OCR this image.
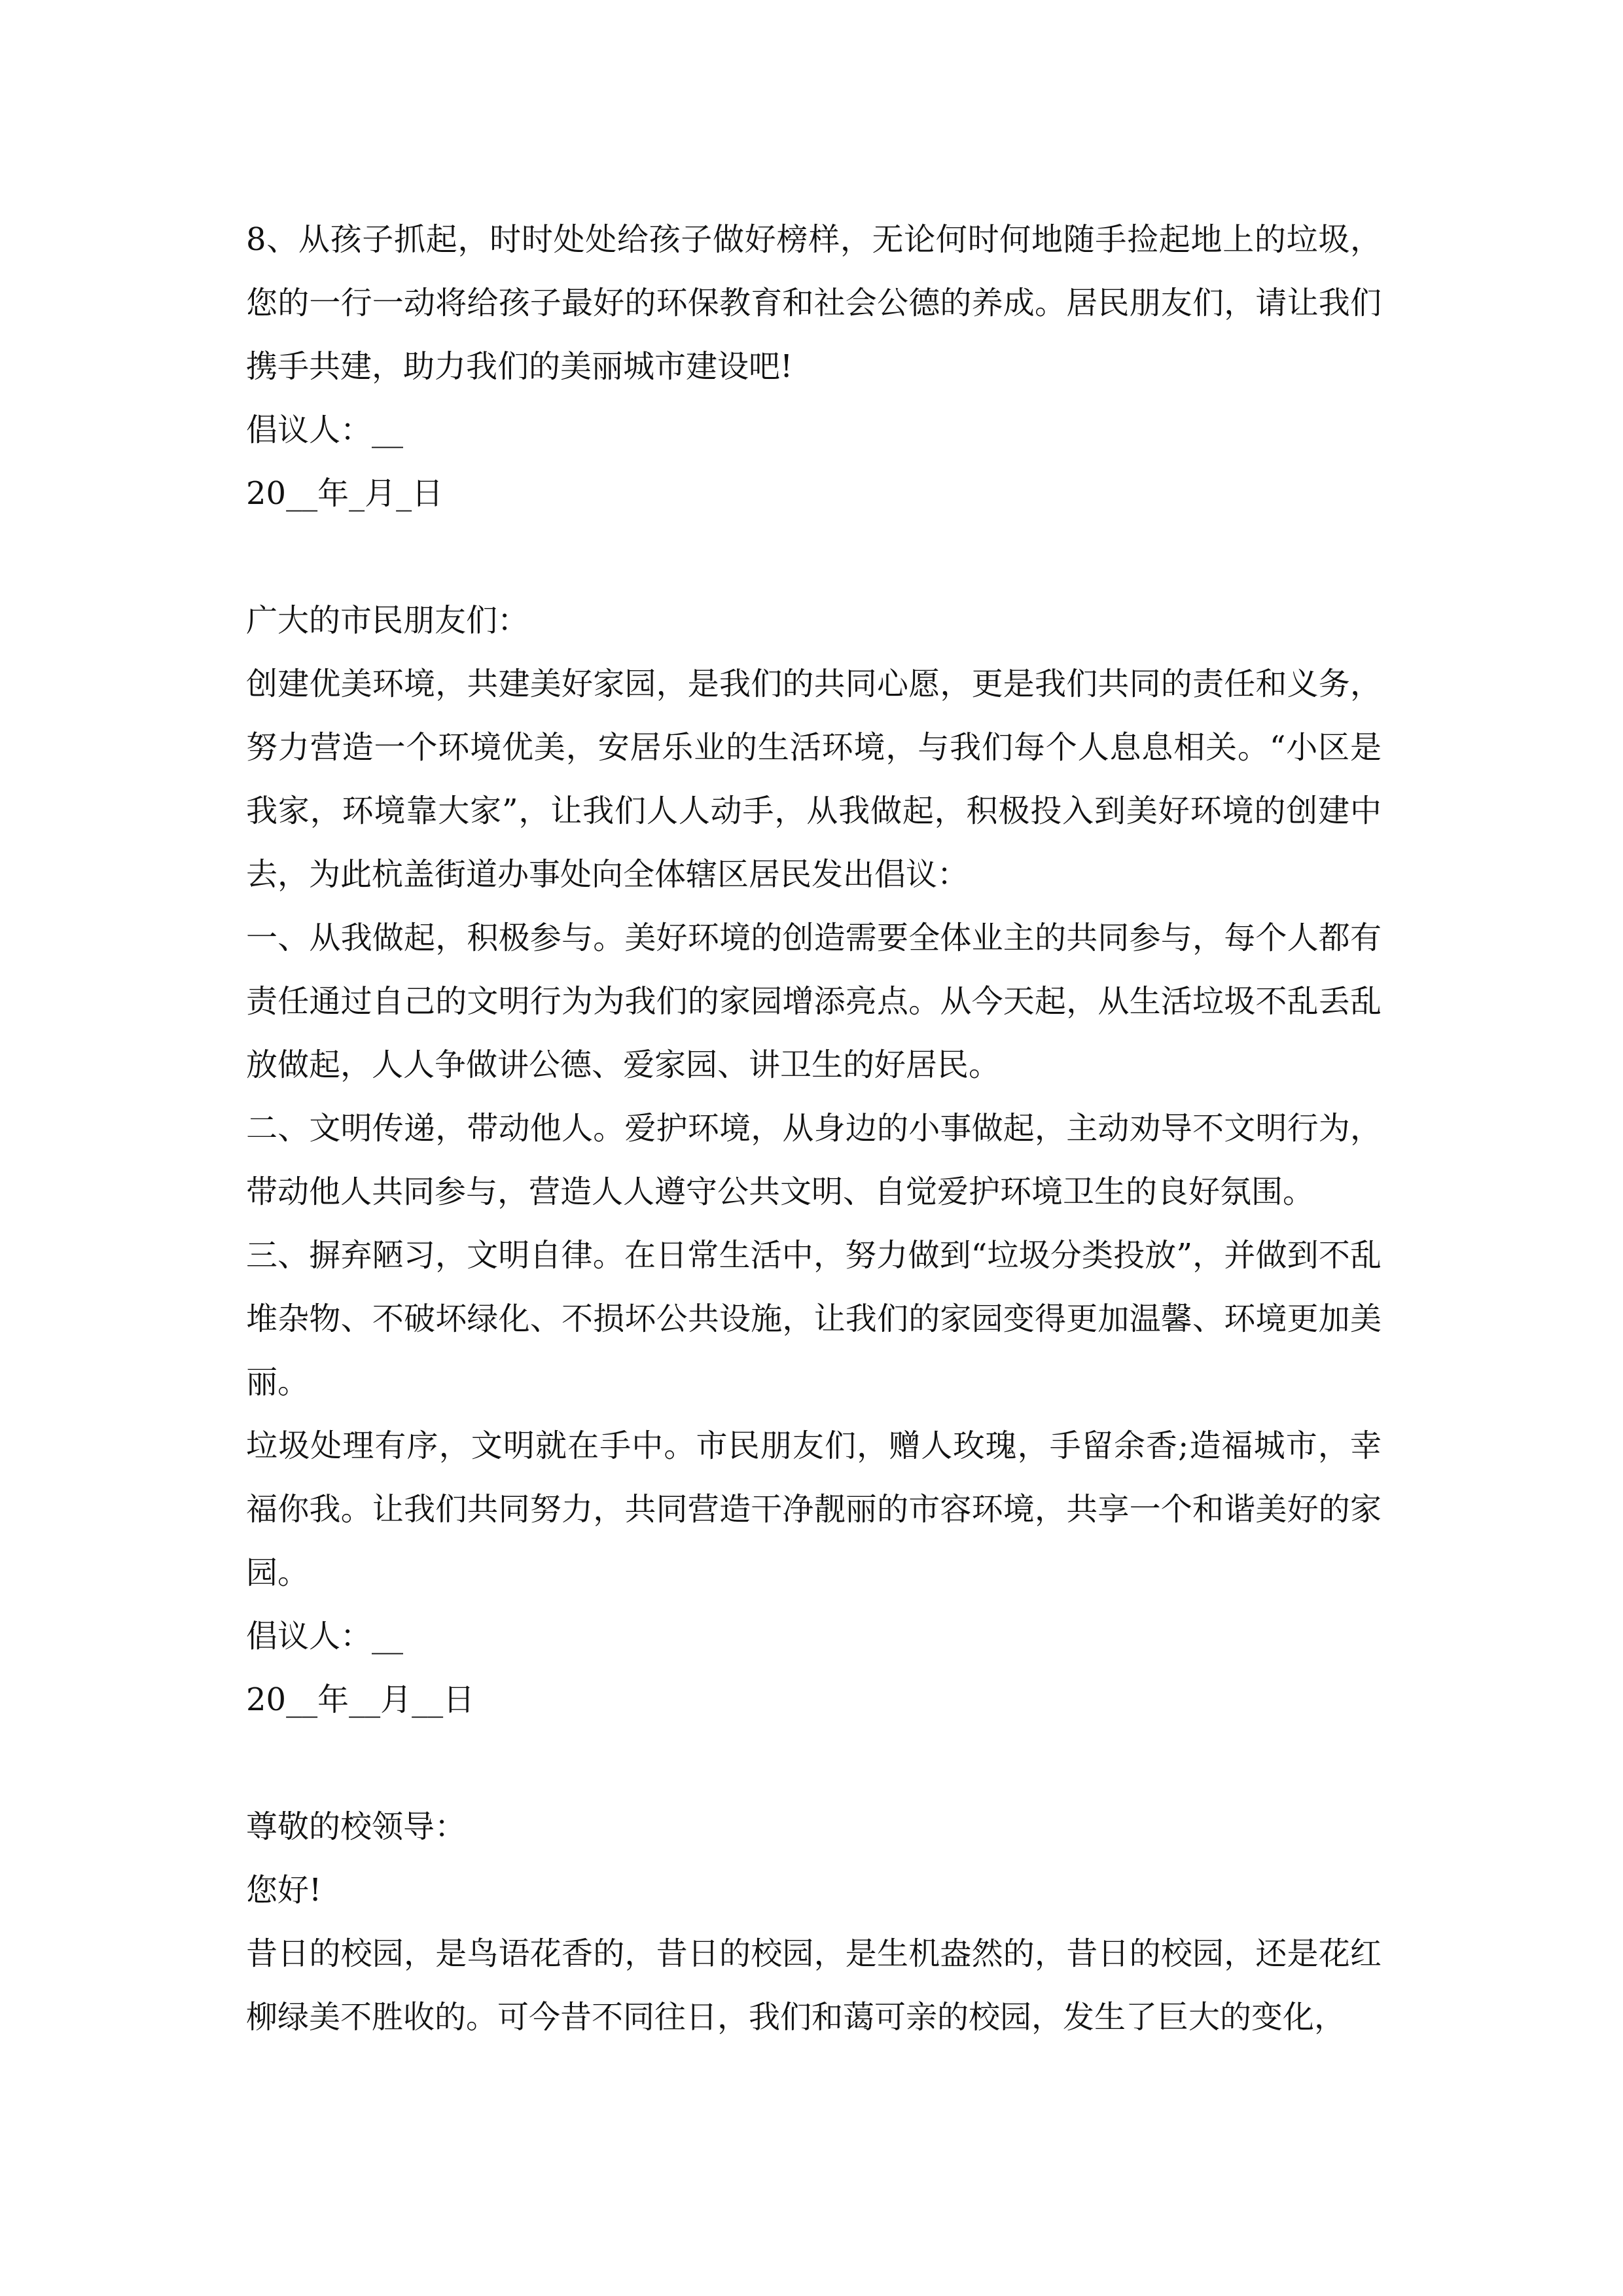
8、从孩子抓起，时时处处给孩子做好榜样，无论何时何地随手捡起地上的垃圾，您的一行一动将给孩子最好的环保教育和社会公德的养成。居民朋友们，请让我们携手共建，助力我们的美丽城市建设吧!

倡议人：__

20__年_月_日

广大的市民朋友们：

创建优美环境，共建美好家园，是我们的共同心愿，更是我们共同的责任和义务，努力营造一个环境优美，安居乐业的生活环境，与我们每个人息息相关。“小区是我家，环境靠大家”，让我们人人动手，从我做起，积极投入到美好环境的创建中去，为此杭盖街道办事处向全体辖区居民发出倡议：

一、从我做起，积极参与。美好环境的创造需要全体业主的共同参与，每个人都有责任通过自己的文明行为为我们的家园增添亮点。从今天起，从生活垃圾不乱丢乱放做起，人人争做讲公德、爱家园、讲卫生的好居民。

二、文明传递，带动他人。爱护环境，从身边的小事做起，主动劝导不文明行为，带动他人共同参与，营造人人遵守公共文明、自觉爱护环境卫生的良好氛围。

三、摒弃陋习，文明自律。在日常生活中，努力做到“垃圾分类投放”，并做到不乱堆杂物、不破坏绿化、不损坏公共设施，让我们的家园变得更加温馨、环境更加美丽。

垃圾处理有序，文明就在手中。市民朋友们，赠人玫瑰，手留余香;造福城市，幸福你我。让我们共同努力，共同营造干净靓丽的市容环境，共享一个和谐美好的家园。

倡议人：__

20__年__月__日

尊敬的校领导：

您好!

昔日的校园，是鸟语花香的，昔日的校园，是生机盎然的，昔日的校园，还是花红柳绿美不胜收的。可今昔不同往日，我们和蔼可亲的校园，发生了巨大的变化，
